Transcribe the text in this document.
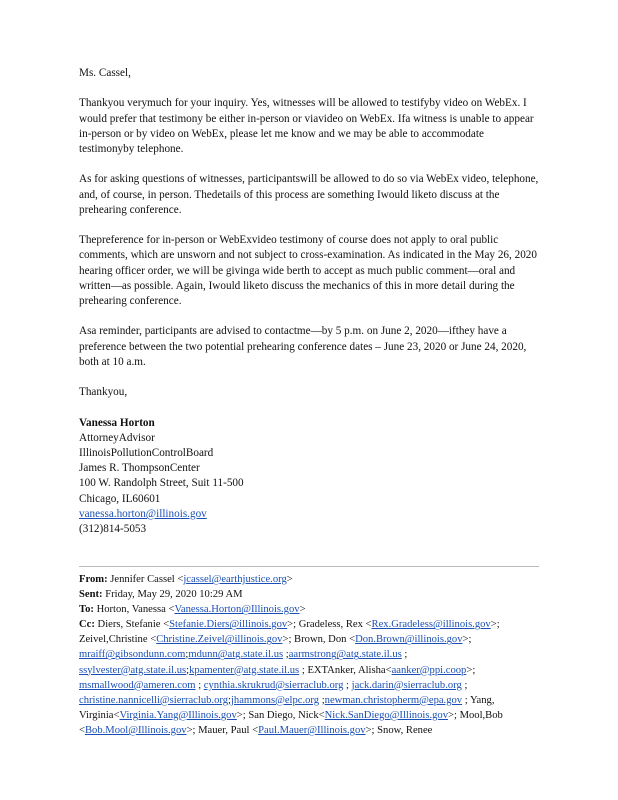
Ms. Cassel,

Thankyou verymuch for your inquiry. Yes, witnesses will be allowed to testifyby video on WebEx. I would prefer that testimony be either in-person or viavideo on WebEx. Ifa witness is unable to appear in-person or by video on WebEx, please let me know and we may be able to accommodate testimonyby telephone.

As for asking questions of witnesses, participantswill be allowed to do so via WebEx video, telephone, and, of course, in person. Thedetails of this process are something Iwould liketo discuss at the prehearing conference.

Thepreference for in-person or WebExvideo testimony of course does not apply to oral public comments, which are unsworn and not subject to cross-examination. As indicated in the May 26, 2020 hearing officer order, we will be givinga wide berth to accept as much public comment—oral and written—as possible. Again, Iwould liketo discuss the mechanics of this in more detail during the prehearing conference.

Asa reminder, participants are advised to contactme—by 5 p.m. on June 2, 2020—ifthey have a preference between the two potential prehearing conference dates – June 23, 2020 or June 24, 2020, both at 10 a.m.

Thankyou,

Vanessa Horton
AttorneyAdvisor
IllinoisPollutionControlBoard
James R. ThompsonCenter
100 W. Randolph Street, Suit 11-500
Chicago, IL60601
vanessa.horton@illinois.gov
(312)814-5053
From: Jennifer Cassel <jcassel@earthjustice.org>
Sent: Friday, May 29, 2020 10:29 AM
To: Horton, Vanessa <Vanessa.Horton@Illinois.gov>
Cc: Diers, Stefanie <Stefanie.Diers@illinois.gov>; Gradeless, Rex <Rex.Gradeless@illinois.gov>; Zeivel,Christine <Christine.Zeivel@illinois.gov>; Brown, Don <Don.Brown@illinois.gov>; mraiff@gibsondunn.com;mdunn@atg.state.il.us ;aarmstrong@atg.state.il.us ; ssylvester@atg.state.il.us;kpamenter@atg.state.il.us ; EXTAnker, Alisha<aanker@ppi.coop>; msmallwood@ameren.com ; cynthia.skrukrud@sierraclub.org ; jack.darin@sierraclub.org ; christine.nannicelli@sierraclub.org;jhammons@elpc.org ;newman.christopherm@epa.gov ; Yang, Virginia<Virginia.Yang@Illinois.gov>; San Diego, Nick<Nick.SanDiego@Illinois.gov>; Mool,Bob <Bob.Mool@Illinois.gov>; Mauer, Paul <Paul.Mauer@Illinois.gov>; Snow, Renee
